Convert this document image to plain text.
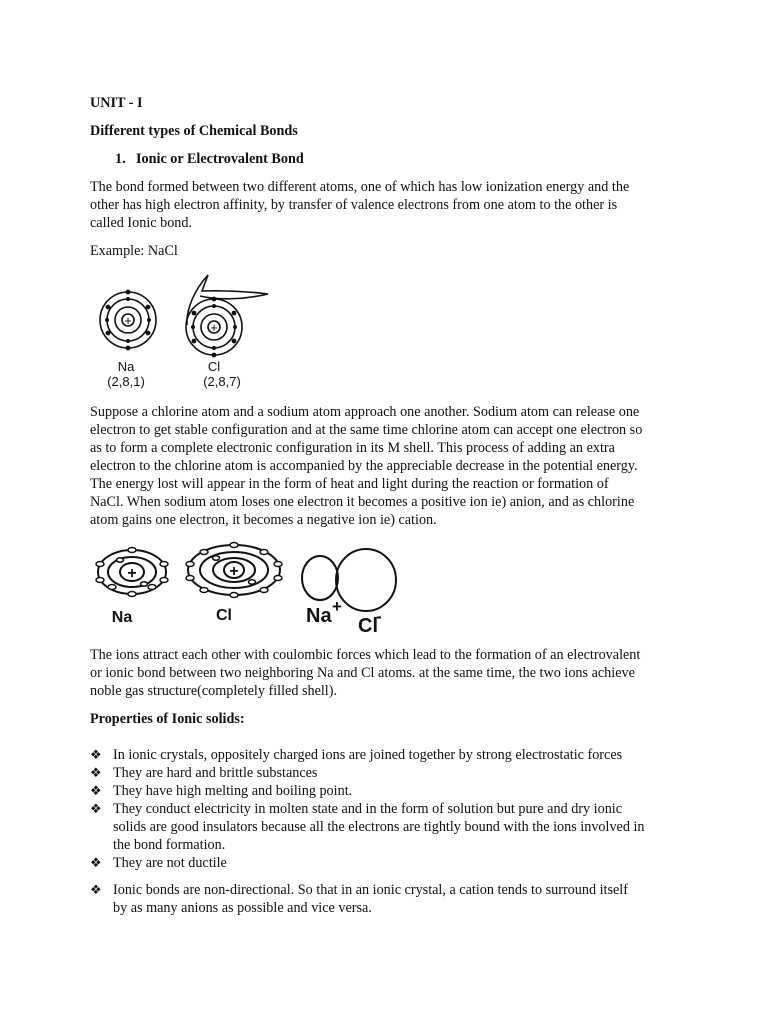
UNIT - I
Different types of Chemical Bonds
1. Ionic or Electrovalent Bond
The bond formed between two different atoms, one of which has low ionization energy and the
other has high electron affinity, by transfer of valence electrons from one atom to the other is
called Ionic bond.
Example: NaCl
+	+
Na
(2,8,1)
Cl
(2,8,7)
Suppose a chlorine atom and a sodium atom approach one another. Sodium atom can release one
electron to get stable configuration and at the same time chlorine atom can accept one electron so
as to form a complete electronic configuration in its M shell. This process of adding an extra
electron to the chlorine atom is accompanied by the appreciable decrease in the potential energy.
The energy lost will appear in the form of heat and light during the reaction or formation of
NaCl. When sodium atom loses one electron it becomes a positive ion ie) anion, and as chlorine
atom gains one electron, it becomes a negative ion ie) cation.
+	+
Na	Cl	Na +
Cl
-
The ions attract each other with coulombic forces which lead to the formation of an electrovalent
or ionic bond between two neighboring Na and Cl atoms. at the same time, the two ions achieve
noble gas structure(completely filled shell).
Properties of Ionic solids:
❖ In ionic crystals, oppositely charged ions are joined together by strong electrostatic forces
❖ They are hard and brittle substances
❖ They have high melting and boiling point.
❖ They conduct electricity in molten state and in the form of solution but pure and dry ionic
solids are good insulators because all the electrons are tightly bound with the ions involved in
the bond formation.
❖ They are not ductile
❖ Ionic bonds are non-directional. So that in an ionic crystal, a cation tends to surround itself
by as many anions as possible and vice versa.
